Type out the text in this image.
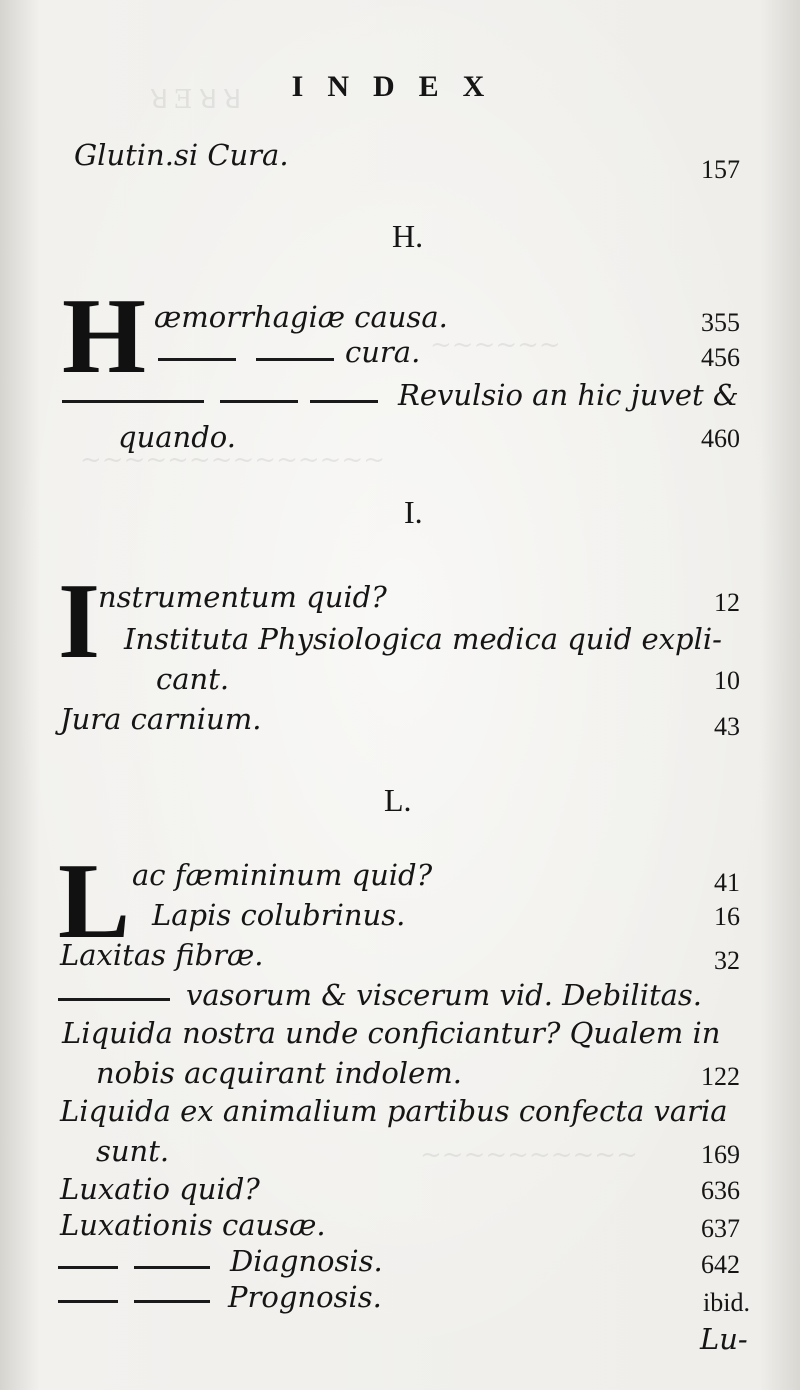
ꓤƎꓤꓤ
~~~~~~
~~~~~~~~~~~~~~
~~~~~~~~~~
INDEX
Glutin.si Cura.	157
H.
H æmorrhagiæ causa.	355
cura.	456
Revulsio an hic juvet &
quando.	460
I.
I
nstrumentum quid?	12
Instituta Physiologica medica quid expli-
cant.	10
Jura carnium.	43
L.
L ac fæmininum quid?	41
Lapis colubrinus.	16
Laxitas fibræ.	32
vasorum & viscerum vid. Debilitas.
Liquida nostra unde conficiantur? Qualem in
nobis acquirant indolem.	122
Liquida ex animalium partibus confecta varia
sunt.	169
Luxatio quid?	636
Luxationis causæ.	637
Diagnosis.	642
Prognosis.	ibid.
Lu-
